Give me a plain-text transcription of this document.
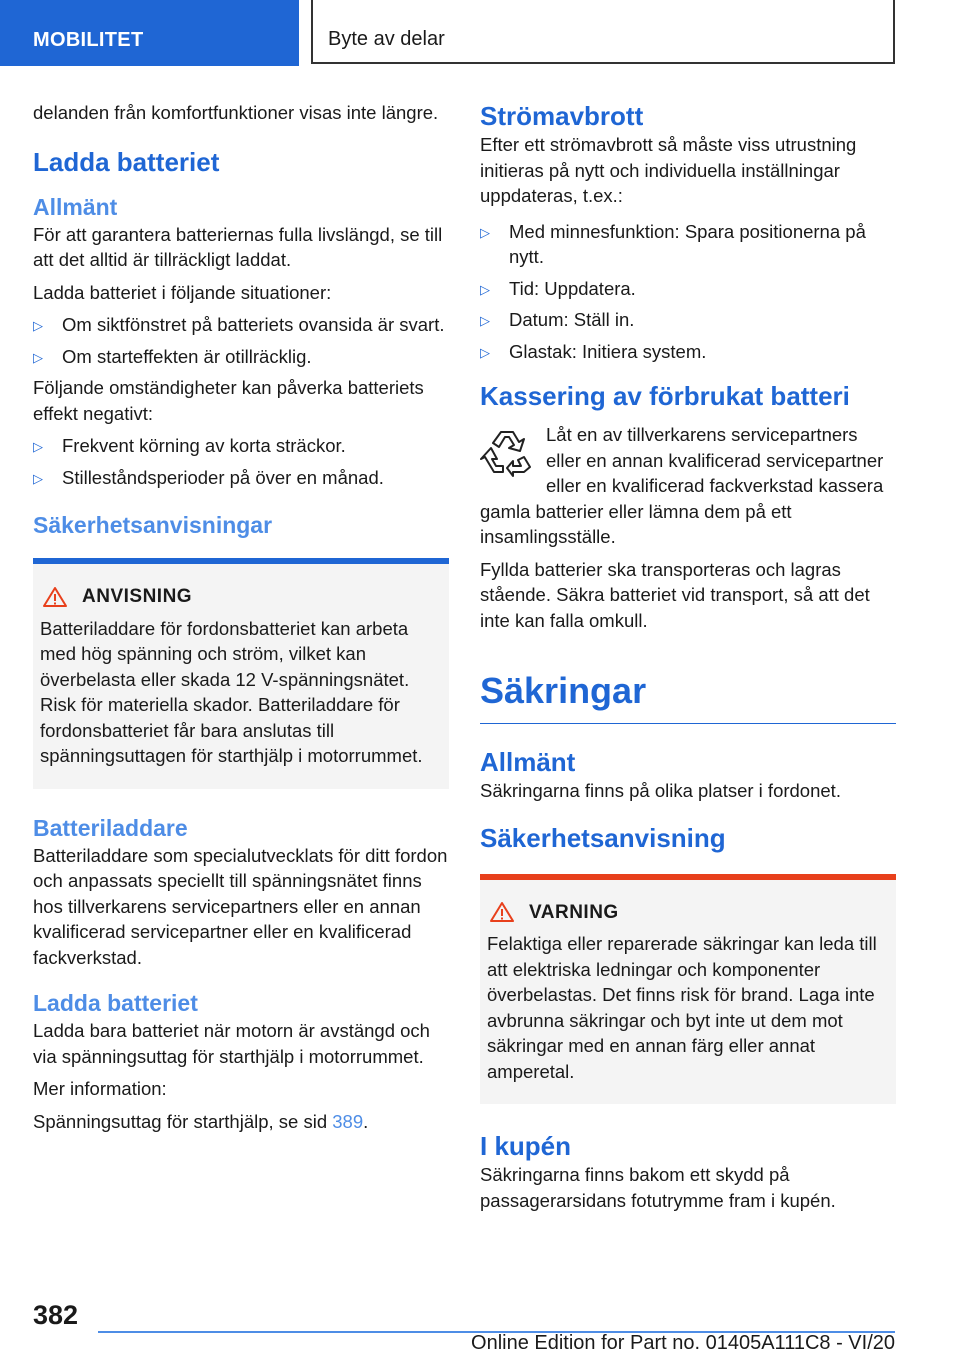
MOBILITET	Byte av delar

delanden från komfortfunktioner visas inte längre.

Ladda batteriet
Allmänt

För att garantera batteriernas fulla livslängd, se till att det alltid är tillräckligt laddat.

Ladda batteriet i följande situationer:

▷ Om siktfönstret på batteriets ovansida är svart.
▷ Om starteffekten är otillräcklig.

Följande omständigheter kan påverka batteriets effekt negativt:

▷ Frekvent körning av korta sträckor.
▷ Stilleståndsperioder på över en månad.
Säkerhetsanvisningar
ANVISNING

Batteriladdare för fordonsbatteriet kan arbeta med hög spänning och ström, vilket kan överbelasta eller skada 12 V-spänningsnätet. Risk för materiella skador. Batteriladdare för fordonsbatteriet får bara anslutas till spänningsuttagen för starthjälp i motorrummet.

Batteriladdare

Batteriladdare som specialutvecklats för ditt fordon och anpassats speciellt till spänningsnätet finns hos tillverkarens servicepartners eller en annan kvalificerad servicepartner eller en kvalificerad fackverkstad.

Ladda batteriet

Ladda bara batteriet när motorn är avstängd och via spänningsuttag för starthjälp i motorrummet.

Mer information:

Spänningsuttag för starthjälp, se sid 389.

Strömavbrott

Efter ett strömavbrott så måste viss utrustning initieras på nytt och individuella inställningar uppdateras, t.ex.:

▷ Med minnesfunktion: Spara positionerna på nytt.
▷ Tid: Uppdatera.
▷ Datum: Ställ in.
▷ Glastak: Initiera system.
Kassering av förbrukat batteri

Låt en av tillverkarens servicepartners eller en annan kvalificerad servicepartner eller en kvalificerad fackverkstad kassera gamla batterier eller lämna dem på ett insamlingsställe.

Fyllda batterier ska transporteras och lagras stående. Säkra batteriet vid transport, så att det inte kan falla omkull.

Säkringar
Allmänt

Säkringarna finns på olika platser i fordonet.

Säkerhetsanvisning
VARNING

Felaktiga eller reparerade säkringar kan leda till att elektriska ledningar och komponenter överbelastas. Det finns risk för brand. Laga inte avbrunna säkringar och byt inte ut dem mot säkringar med en annan färg eller annat amperetal.

I kupén

Säkringarna finns bakom ett skydd på passagerarsidans fotutrymme fram i kupén.

382
Online Edition for Part no. 01405A111C8 - VI/20
